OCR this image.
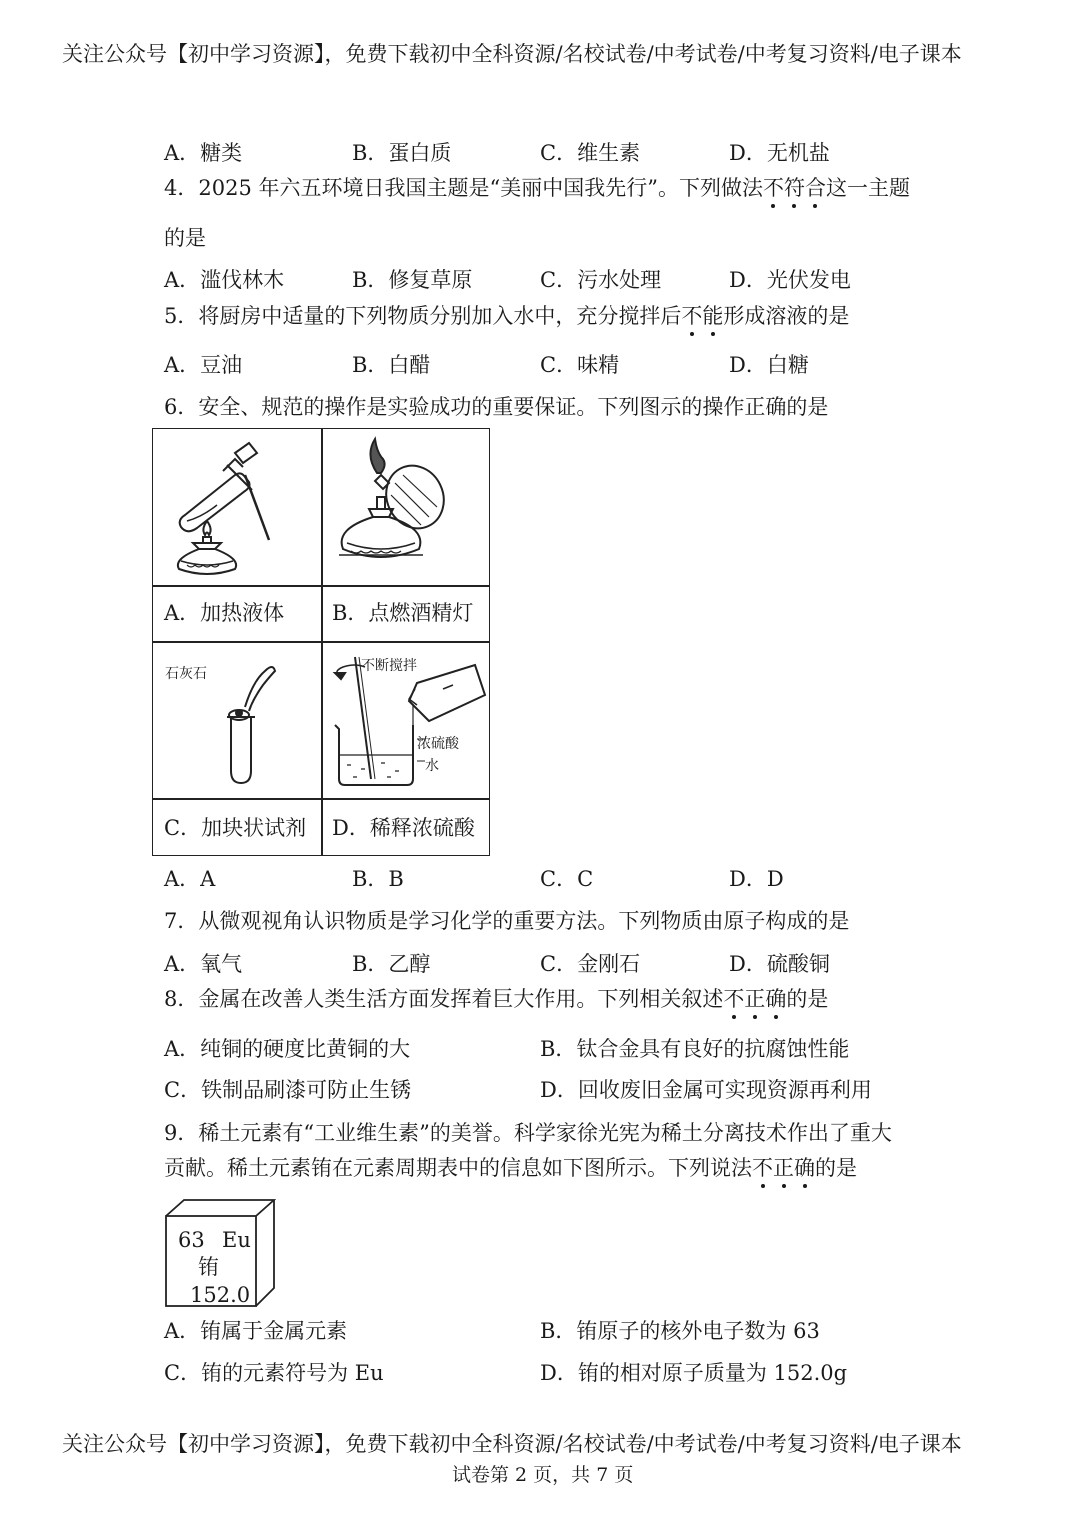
关注公众号【初中学习资源】，免费下载初中全科资源/名校试卷/中考试卷/中考复习资料/电子课本
A．糖类	B．蛋白质	C．维生素	D．无机盐
4．2025 年六五环境日我国主题是“美丽中国我先行”。下列做法不符合这一主题
的是
A．滥伐林木	B．修复草原	C．污水处理	D．光伏发电
5．将厨房中适量的下列物质分别加入水中，充分搅拌后不能形成溶液的是
A．豆油	B．白醋	C．味精	D．白糖
6．安全、规范的操作是实验成功的重要保证。下列图示的操作正确的是
A．加热液体 B．点燃酒精灯
石灰石	不断搅拌
浓硫酸
水
C．加块状试剂 D．稀释浓硫酸
A．A	B．B	C．C	D．D
7．从微观视角认识物质是学习化学的重要方法。下列物质由原子构成的是
A．氧气	B．乙醇	C．金刚石	D．硫酸铜
8．金属在改善人类生活方面发挥着巨大作用。下列相关叙述不正确的是
A．纯铜的硬度比黄铜的大	B．钛合金具有良好的抗腐蚀性能
C．铁制品刷漆可防止生锈	D．回收废旧金属可实现资源再利用
9．稀土元素有“工业维生素”的美誉。科学家徐光宪为稀土分离技术作出了重大
贡献。稀土元素铕在元素周期表中的信息如下图所示。下列说法不正确的是
63 Eu
铕
152.0
A．铕属于金属元素	B．铕原子的核外电子数为 63
C．铕的元素符号为 Eu	D．铕的相对原子质量为 152.0g
关注公众号【初中学习资源】，免费下载初中全科资源/名校试卷/中考试卷/中考复习资料/电子课本
试卷第 2 页，共 7 页
